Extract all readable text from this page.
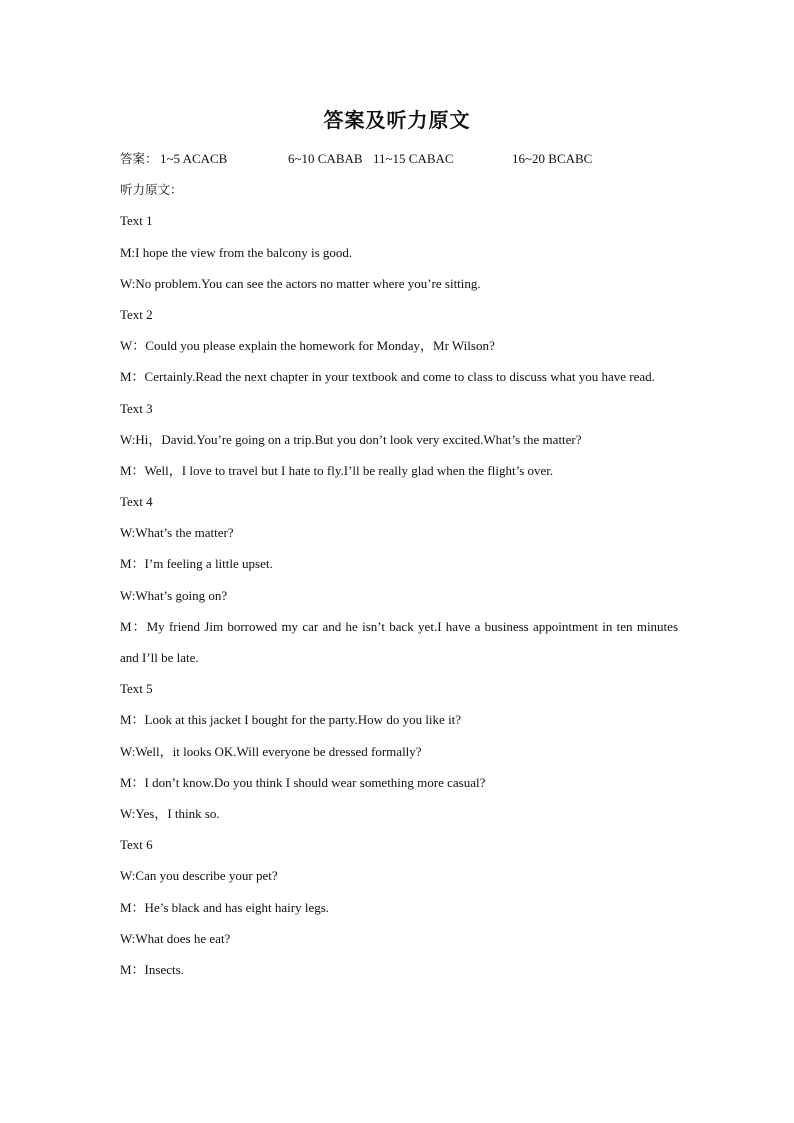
答案及听力原文
答案： 1~5 ACACB	6~10 CABAB 11~15 CABAC	16~20 BCABC
听力原文：
Text 1
M:I hope the view from the balcony is good.
W:No problem.You can see the actors no matter where you’re sitting.
Text 2
W：Could you please explain the homework for Monday，Mr Wilson?
M：Certainly.Read the next chapter in your textbook and come to class to discuss what you have read.
Text 3
W:Hi，David.You’re going on a trip.But you don’t look very excited.What’s the matter?
M：Well，I love to travel but I hate to fly.I’ll be really glad when the flight’s over.
Text 4
W:What’s the matter?
M：I’m feeling a little upset.
W:What’s going on?
M：My friend Jim borrowed my car and he isn’t back yet.I have a business appointment in ten minutes and I’ll be late.
Text 5
M：Look at this jacket I bought for the party.How do you like it?
W:Well，it looks OK.Will everyone be dressed formally?
M：I don’t know.Do you think I should wear something more casual?
W:Yes，I think so.
Text 6
W:Can you describe your pet?
M：He’s black and has eight hairy legs.
W:What does he eat?
M：Insects.
